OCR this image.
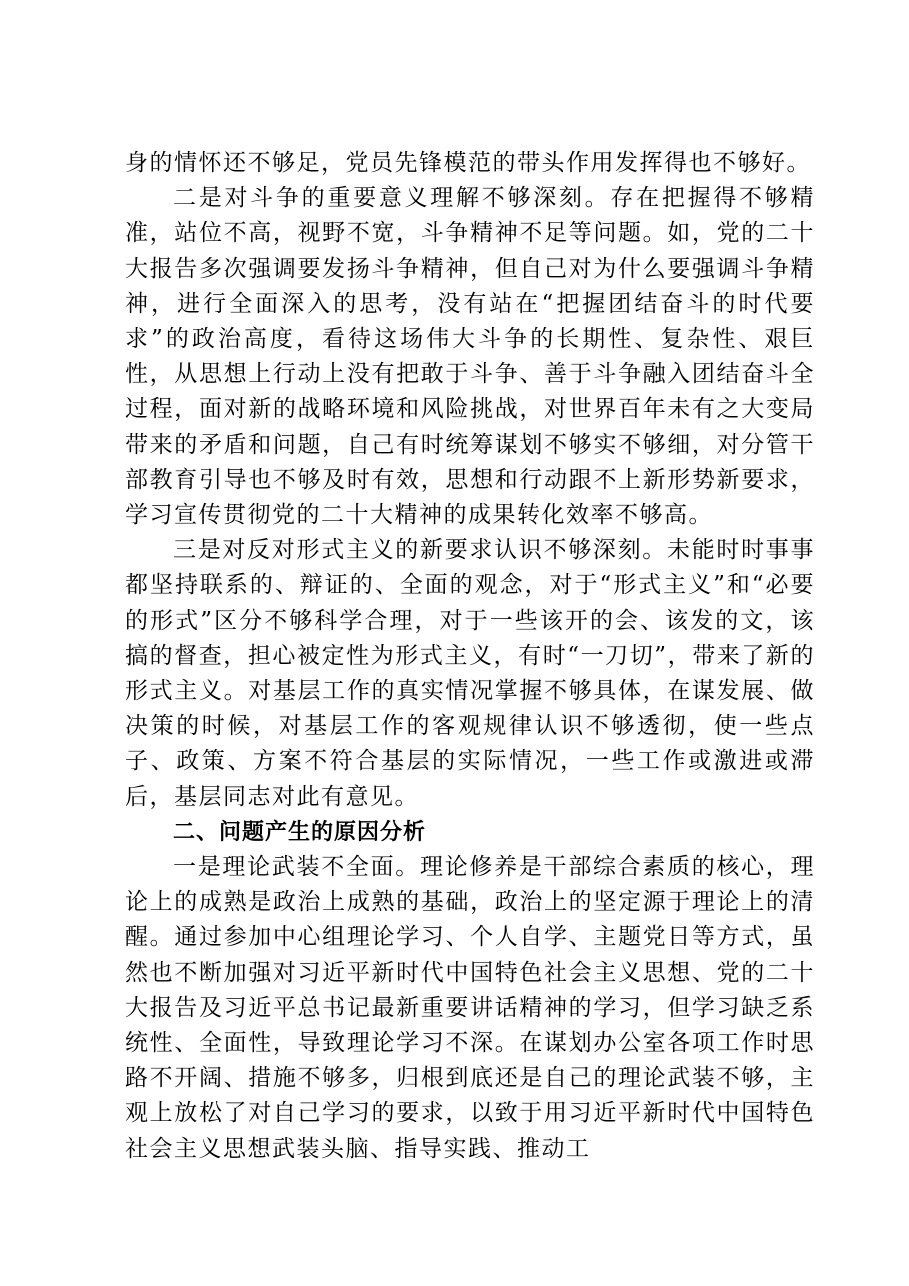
身的情怀还不够足，党员先锋模范的带头作用发挥得也不够好。

二是对斗争的重要意义理解不够深刻。存在把握得不够精准，站位不高，视野不宽，斗争精神不足等问题。如，党的二十大报告多次强调要发扬斗争精神，但自己对为什么要强调斗争精神，进行全面深入的思考，没有站在“把握团结奋斗的时代要求”的政治高度，看待这场伟大斗争的长期性、复杂性、艰巨性，从思想上行动上没有把敢于斗争、善于斗争融入团结奋斗全过程，面对新的战略环境和风险挑战，对世界百年未有之大变局带来的矛盾和问题，自己有时统筹谋划不够实不够细，对分管干部教育引导也不够及时有效，思想和行动跟不上新形势新要求，学习宣传贯彻党的二十大精神的成果转化效率不够高。

三是对反对形式主义的新要求认识不够深刻。未能时时事事都坚持联系的、辩证的、全面的观念，对于“形式主义”和“必要的形式”区分不够科学合理，对于一些该开的会、该发的文，该搞的督查，担心被定性为形式主义，有时“一刀切”，带来了新的形式主义。对基层工作的真实情况掌握不够具体，在谋发展、做决策的时候，对基层工作的客观规律认识不够透彻，使一些点子、政策、方案不符合基层的实际情况，一些工作或激进或滞后，基层同志对此有意见。

二、问题产生的原因分析

一是理论武装不全面。理论修养是干部综合素质的核心，理论上的成熟是政治上成熟的基础，政治上的坚定源于理论上的清醒。通过参加中心组理论学习、个人自学、主题党日等方式，虽然也不断加强对习近平新时代中国特色社会主义思想、党的二十大报告及习近平总书记最新重要讲话精神的学习，但学习缺乏系统性、全面性，导致理论学习不深。在谋划办公室各项工作时思路不开阔、措施不够多，归根到底还是自己的理论武装不够，主观上放松了对自己学习的要求，以致于用习近平新时代中国特色社会主义思想武装头脑、指导实践、推动工
